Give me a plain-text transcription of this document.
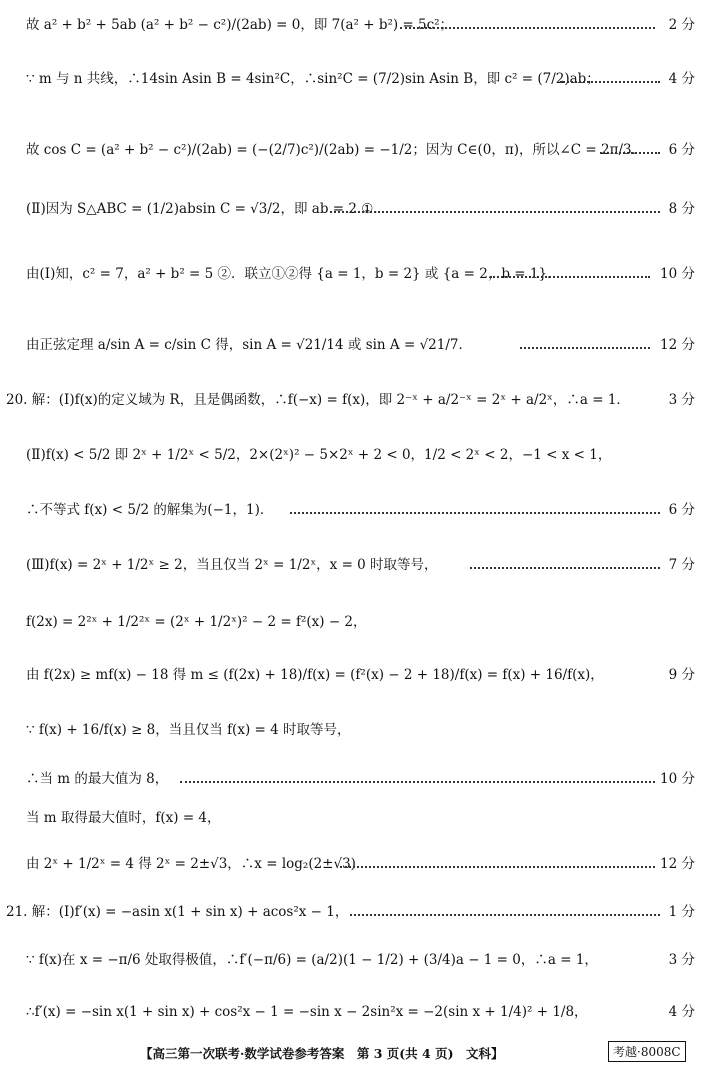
故 a² + b² + 5ab (a² + b² − c²)/(2ab) = 0，即 7(a² + b²) = 5c²；	2 分
∵ m 与 n 共线，∴14sin Asin B = 4sin²C，∴sin²C = (7/2)sin Asin B，即 c² = (7/2)ab；	4 分
故 cos C = (a² + b² − c²)/(2ab) = (−(2/7)c²)/(2ab) = −1/2；因为 C∈(0，π)，所以∠C = 2π/3． 6 分
(Ⅱ)因为 S△ABC = (1/2)absin C = √3/2，即 ab = 2 ①．	8 分
由(Ⅰ)知，c² = 7，a² + b² = 5 ②．联立①②得 {a = 1，b = 2} 或 {a = 2，b = 1}．	10 分
由正弦定理 a/sin A = c/sin C 得，sin A = √21/14 或 sin A = √21/7．	12 分
20. 解：(Ⅰ)f(x)的定义域为 R，且是偶函数，∴f(−x) = f(x)，即 2⁻ˣ + a/2⁻ˣ = 2ˣ + a/2ˣ，∴a = 1．	3 分
(Ⅱ)f(x) < 5/2 即 2ˣ + 1/2ˣ < 5/2，2×(2ˣ)² − 5×2ˣ + 2 < 0，1/2 < 2ˣ < 2，−1 < x < 1，
∴不等式 f(x) < 5/2 的解集为(−1，1)．	6 分
(Ⅲ)f(x) = 2ˣ + 1/2ˣ ≥ 2，当且仅当 2ˣ = 1/2ˣ，x = 0 时取等号，	7 分
f(2x) = 2²ˣ + 1/2²ˣ = (2ˣ + 1/2ˣ)² − 2 = f²(x) − 2，
由 f(2x) ≥ mf(x) − 18 得 m ≤ (f(2x) + 18)/f(x) = (f²(x) − 2 + 18)/f(x) = f(x) + 16/f(x)，	9 分
∵ f(x) + 16/f(x) ≥ 8，当且仅当 f(x) = 4 时取等号，
∴当 m 的最大值为 8，	10 分
当 m 取得最大值时，f(x) = 4，
由 2ˣ + 1/2ˣ = 4 得 2ˣ = 2±√3，∴x = log₂(2±√3)．	12 分
21. 解：(Ⅰ)f′(x) = −asin x(1 + sin x) + acos²x − 1，	1 分
∵ f(x)在 x = −π/6 处取得极值，∴f′(−π/6) = (a/2)(1 − 1/2) + (3/4)a − 1 = 0，∴a = 1，	3 分
∴f′(x) = −sin x(1 + sin x) + cos²x − 1 = −sin x − 2sin²x = −2(sin x + 1/4)² + 1/8，	4 分
【高三第一次联考·数学试卷参考答案　第 3 页(共 4 页)　文科】	考越·8008C
